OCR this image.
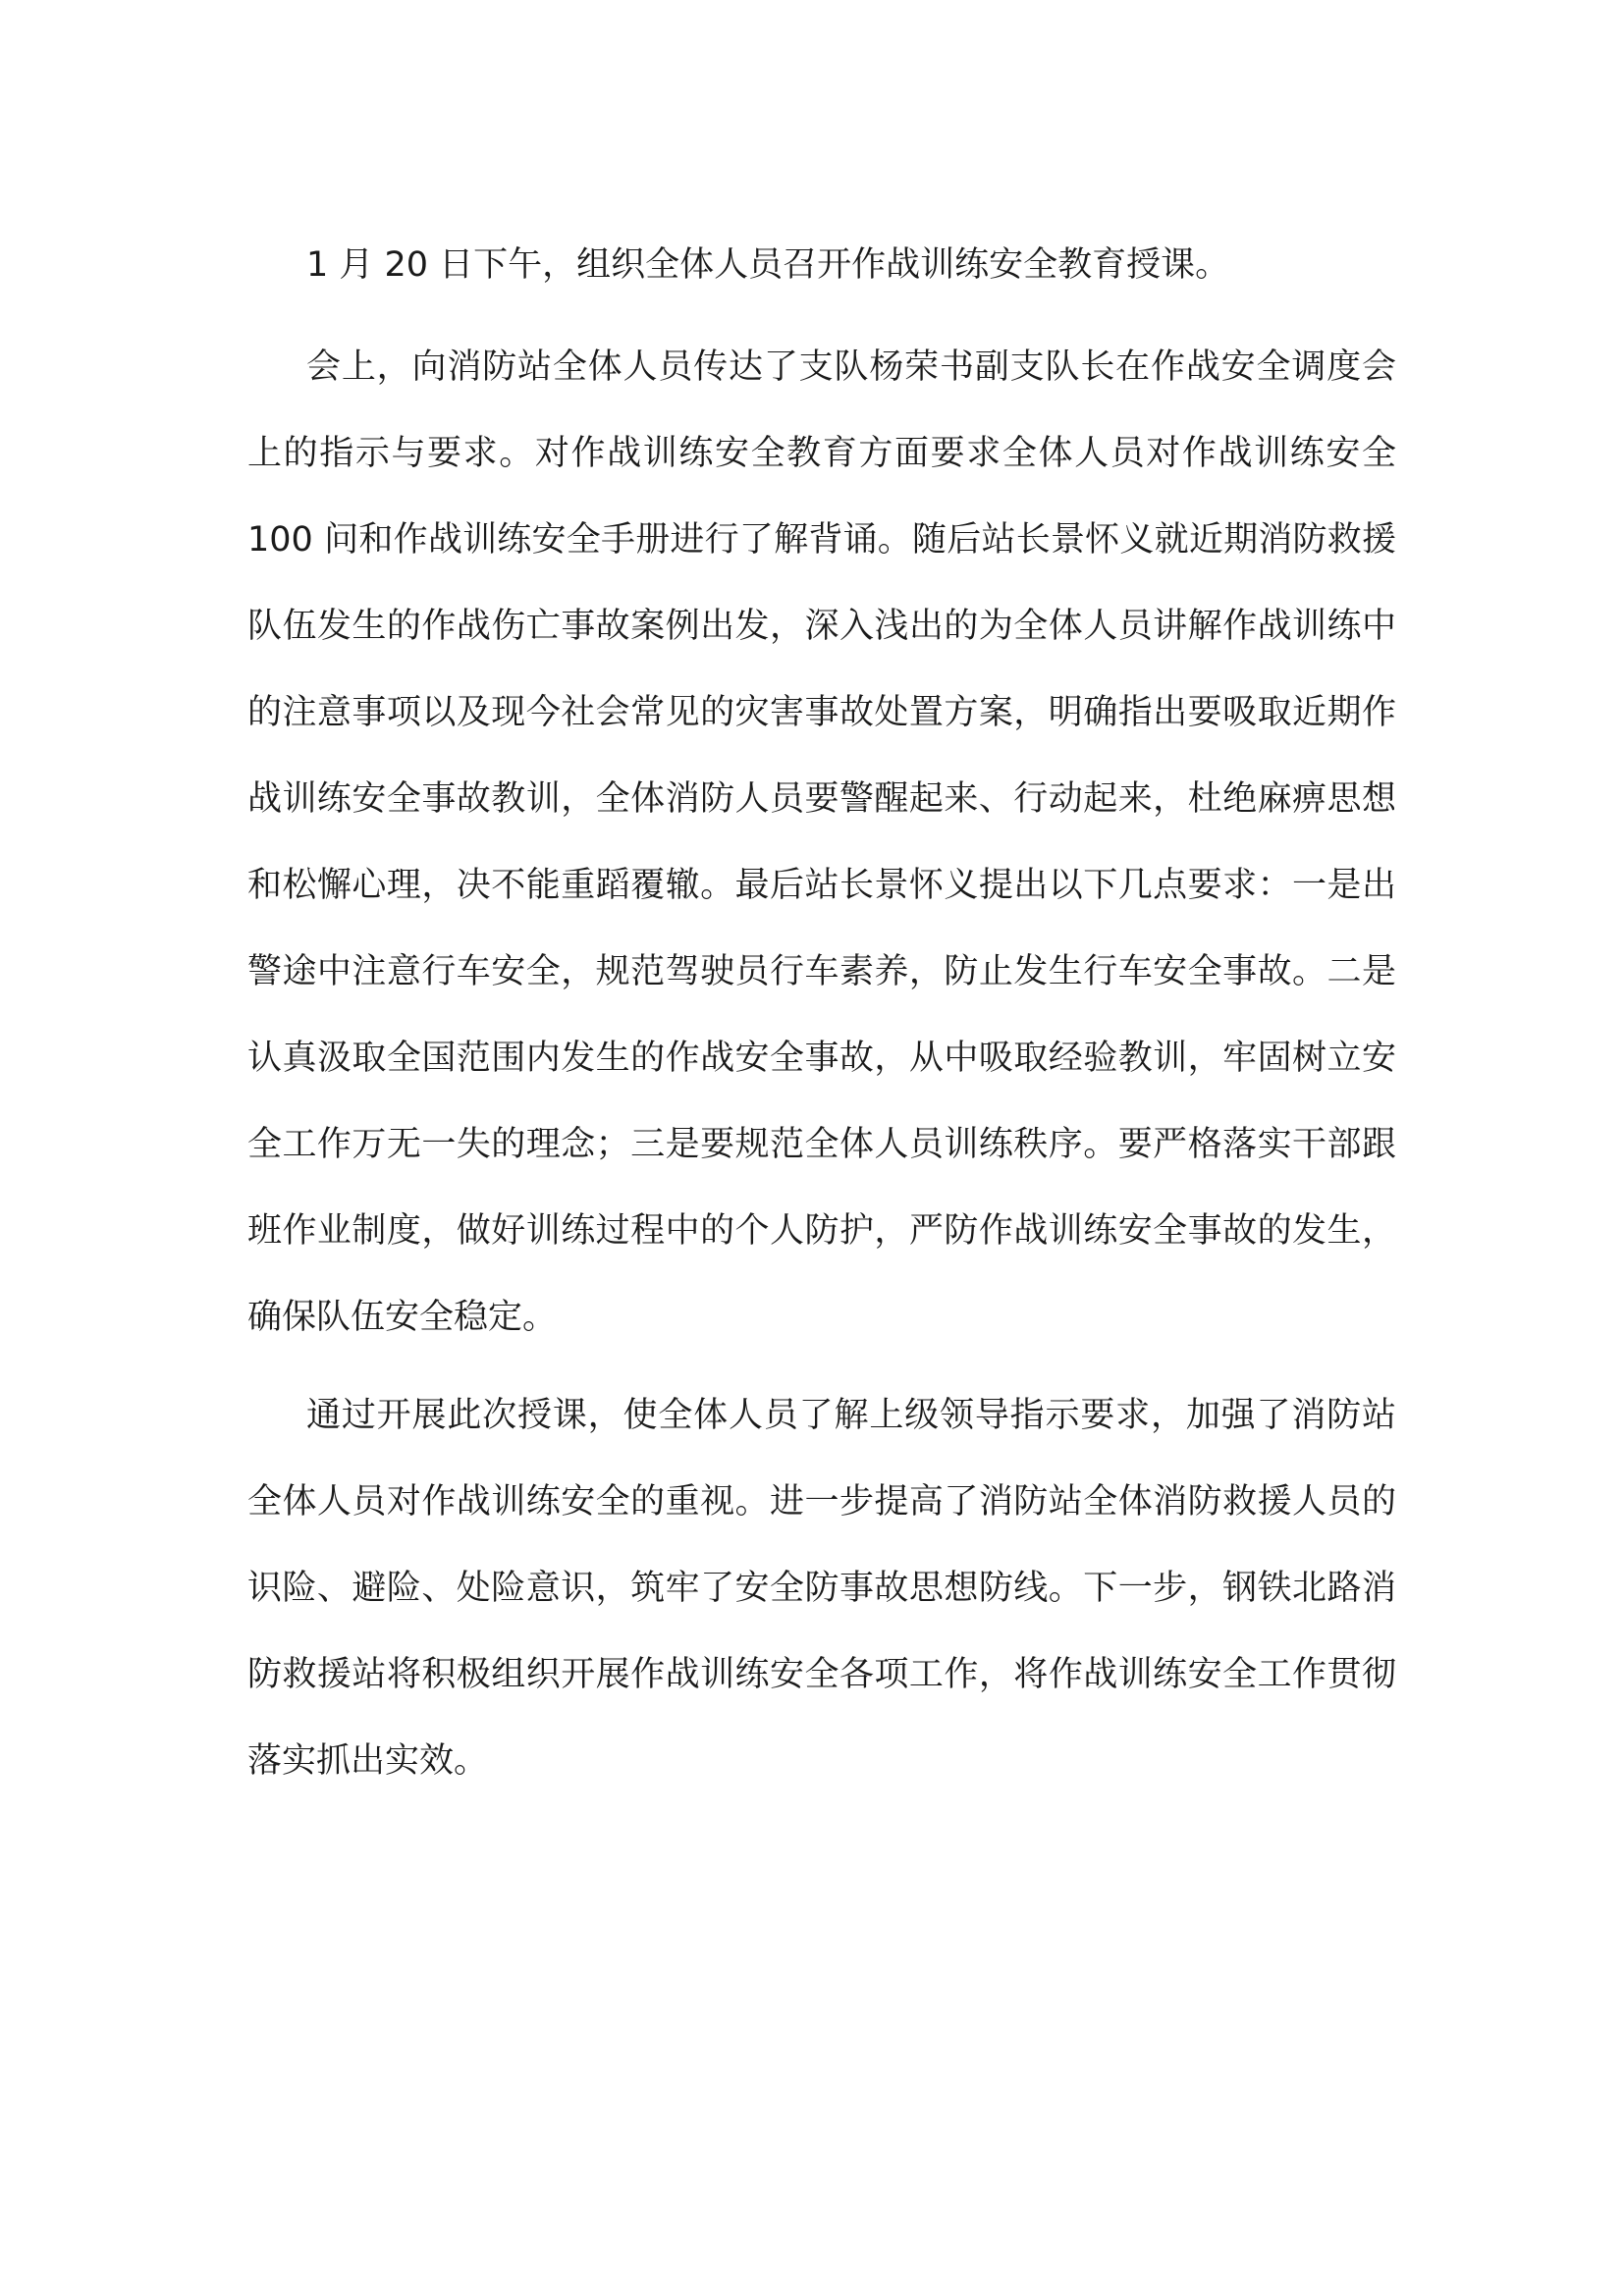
1 月 20 日下午，组织全体人员召开作战训练安全教育授课。

会上，向消防站全体人员传达了支队杨荣书副支队长在作战安全调度会上的指示与要求。对作战训练安全教育方面要求全体人员对作战训练安全 100 问和作战训练安全手册进行了解背诵。随后站长景怀义就近期消防救援队伍发生的作战伤亡事故案例出发，深入浅出的为全体人员讲解作战训练中的注意事项以及现今社会常见的灾害事故处置方案，明确指出要吸取近期作战训练安全事故教训，全体消防人员要警醒起来、行动起来，杜绝麻痹思想和松懈心理，决不能重蹈覆辙。最后站长景怀义提出以下几点要求：一是出警途中注意行车安全，规范驾驶员行车素养，防止发生行车安全事故。二是认真汲取全国范围内发生的作战安全事故，从中吸取经验教训，牢固树立安全工作万无一失的理念；三是要规范全体人员训练秩序。要严格落实干部跟班作业制度，做好训练过程中的个人防护，严防作战训练安全事故的发生，确保队伍安全稳定。

通过开展此次授课，使全体人员了解上级领导指示要求，加强了消防站全体人员对作战训练安全的重视。进一步提高了消防站全体消防救援人员的识险、避险、处险意识，筑牢了安全防事故思想防线。下一步，钢铁北路消防救援站将积极组织开展作战训练安全各项工作，将作战训练安全工作贯彻落实抓出实效。
